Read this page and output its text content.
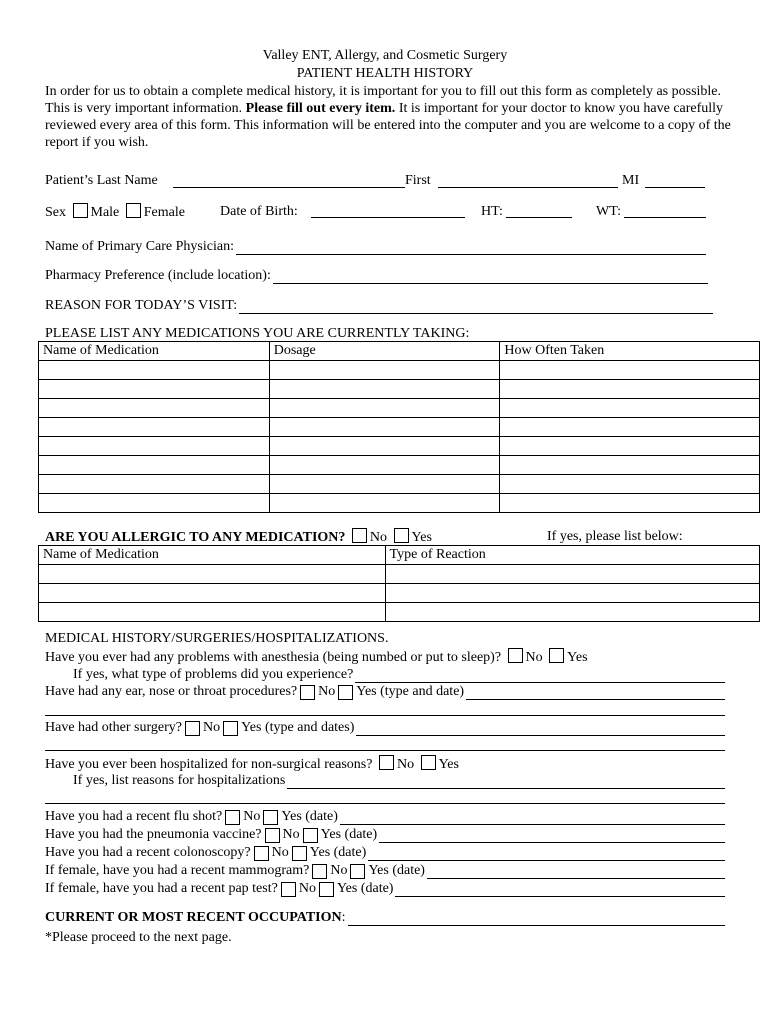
Valley ENT, Allergy, and Cosmetic Surgery
PATIENT HEALTH HISTORY
In order for us to obtain a complete medical history, it is important for you to fill out this form as completely as possible. This is very important information. Please fill out every item. It is important for your doctor to know you have carefully reviewed every area of this form. This information will be entered into the computer and you are welcome to a copy of the report if you wish.
Patient’s Last Name	First	MI
Sex Male Female	Date of Birth:	HT:	WT:
Name of Primary Care Physician:
Pharmacy Preference (include location):
REASON FOR TODAY’S VISIT:
PLEASE LIST ANY MEDICATIONS YOU ARE CURRENTLY TAKING:
Name of Medication	Dosage	How Often Taken

ARE YOU ALLERGIC TO ANY MEDICATION? No Yes	If yes, please list below:
Name of Medication	Type of Reaction

MEDICAL HISTORY/SURGERIES/HOSPITALIZATIONS.
Have you ever had any problems with anesthesia (being numbed or put to sleep)? No Yes
If yes, what type of problems did you experience?
Have had any ear, nose or throat procedures? No Yes (type and date)
Have had other surgery? No Yes (type and dates)
Have you ever been hospitalized for non-surgical reasons? No Yes
If yes, list reasons for hospitalizations
Have you had a recent flu shot? No Yes (date)
Have you had the pneumonia vaccine? No Yes (date)
Have you had a recent colonoscopy? No Yes (date)
If female, have you had a recent mammogram? No Yes (date)
If female, have you had a recent pap test? No Yes (date)
CURRENT OR MOST RECENT OCCUPATION :
*Please proceed to the next page.
